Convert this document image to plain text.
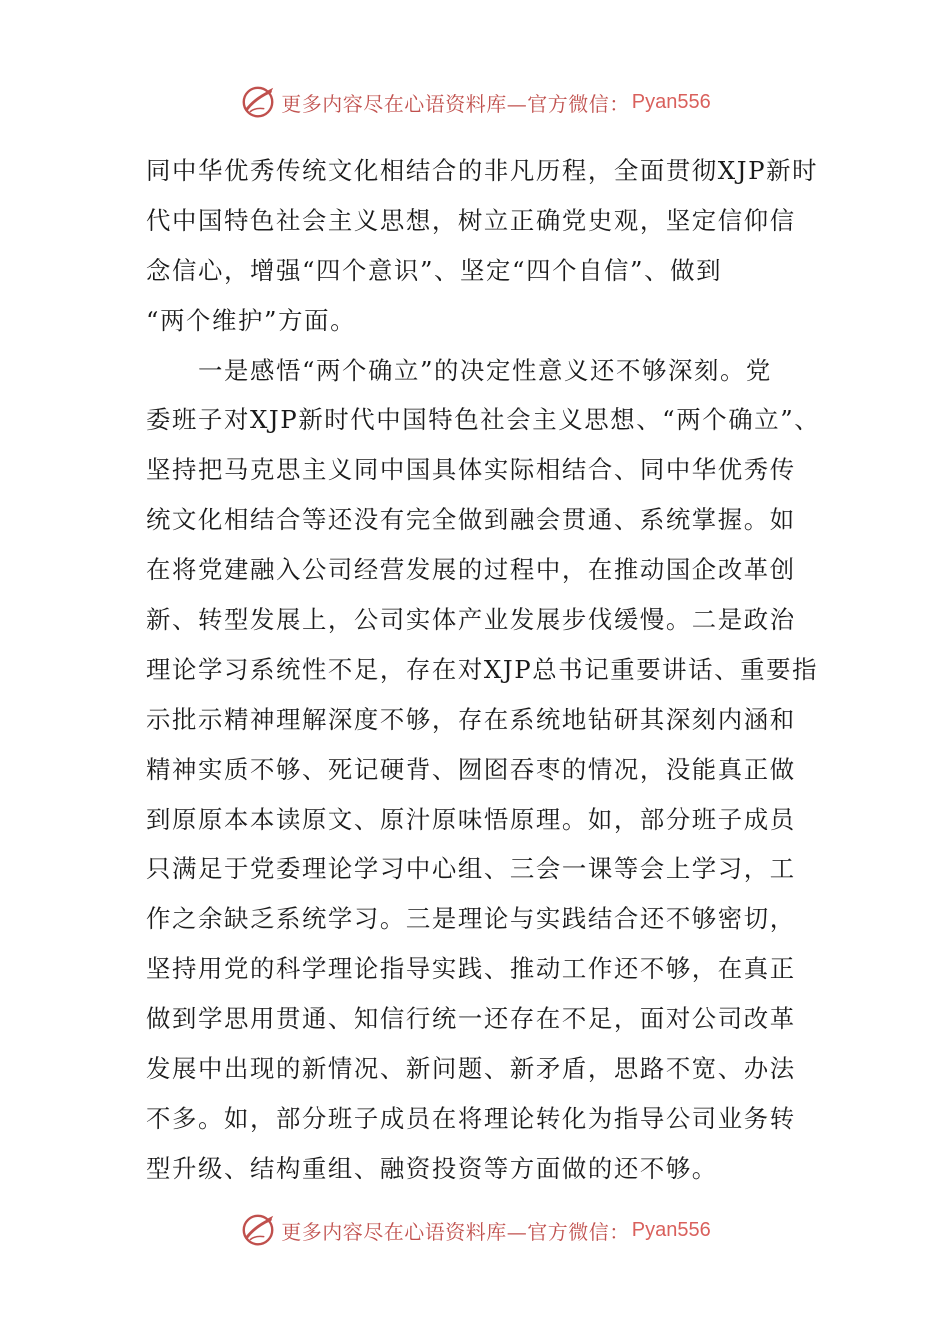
更多内容尽在心语资料库—官方微信： Pyan556
同中华优秀传统文化相结合的非凡历程，全面贯彻XJP新时
代中国特色社会主义思想，树立正确党史观，坚定信仰信
念信心，增强“四个意识”、坚定“四个自信”、做到
“两个维护”方面。
　　一是感悟“两个确立”的决定性意义还不够深刻。党
委班子对XJP新时代中国特色社会主义思想、“两个确立”、
坚持把马克思主义同中国具体实际相结合、同中华优秀传
统文化相结合等还没有完全做到融会贯通、系统掌握。如
在将党建融入公司经营发展的过程中，在推动国企改革创
新、转型发展上，公司实体产业发展步伐缓慢。二是政治
理论学习系统性不足，存在对XJP总书记重要讲话、重要指
示批示精神理解深度不够，存在系统地钻研其深刻内涵和
精神实质不够、死记硬背、囫囵吞枣的情况，没能真正做
到原原本本读原文、原汁原味悟原理。如，部分班子成员
只满足于党委理论学习中心组、三会一课等会上学习，工
作之余缺乏系统学习。三是理论与实践结合还不够密切，
坚持用党的科学理论指导实践、推动工作还不够，在真正
做到学思用贯通、知信行统一还存在不足，面对公司改革
发展中出现的新情况、新问题、新矛盾，思路不宽、办法
不多。如，部分班子成员在将理论转化为指导公司业务转
型升级、结构重组、融资投资等方面做的还不够。
更多内容尽在心语资料库—官方微信： Pyan556
